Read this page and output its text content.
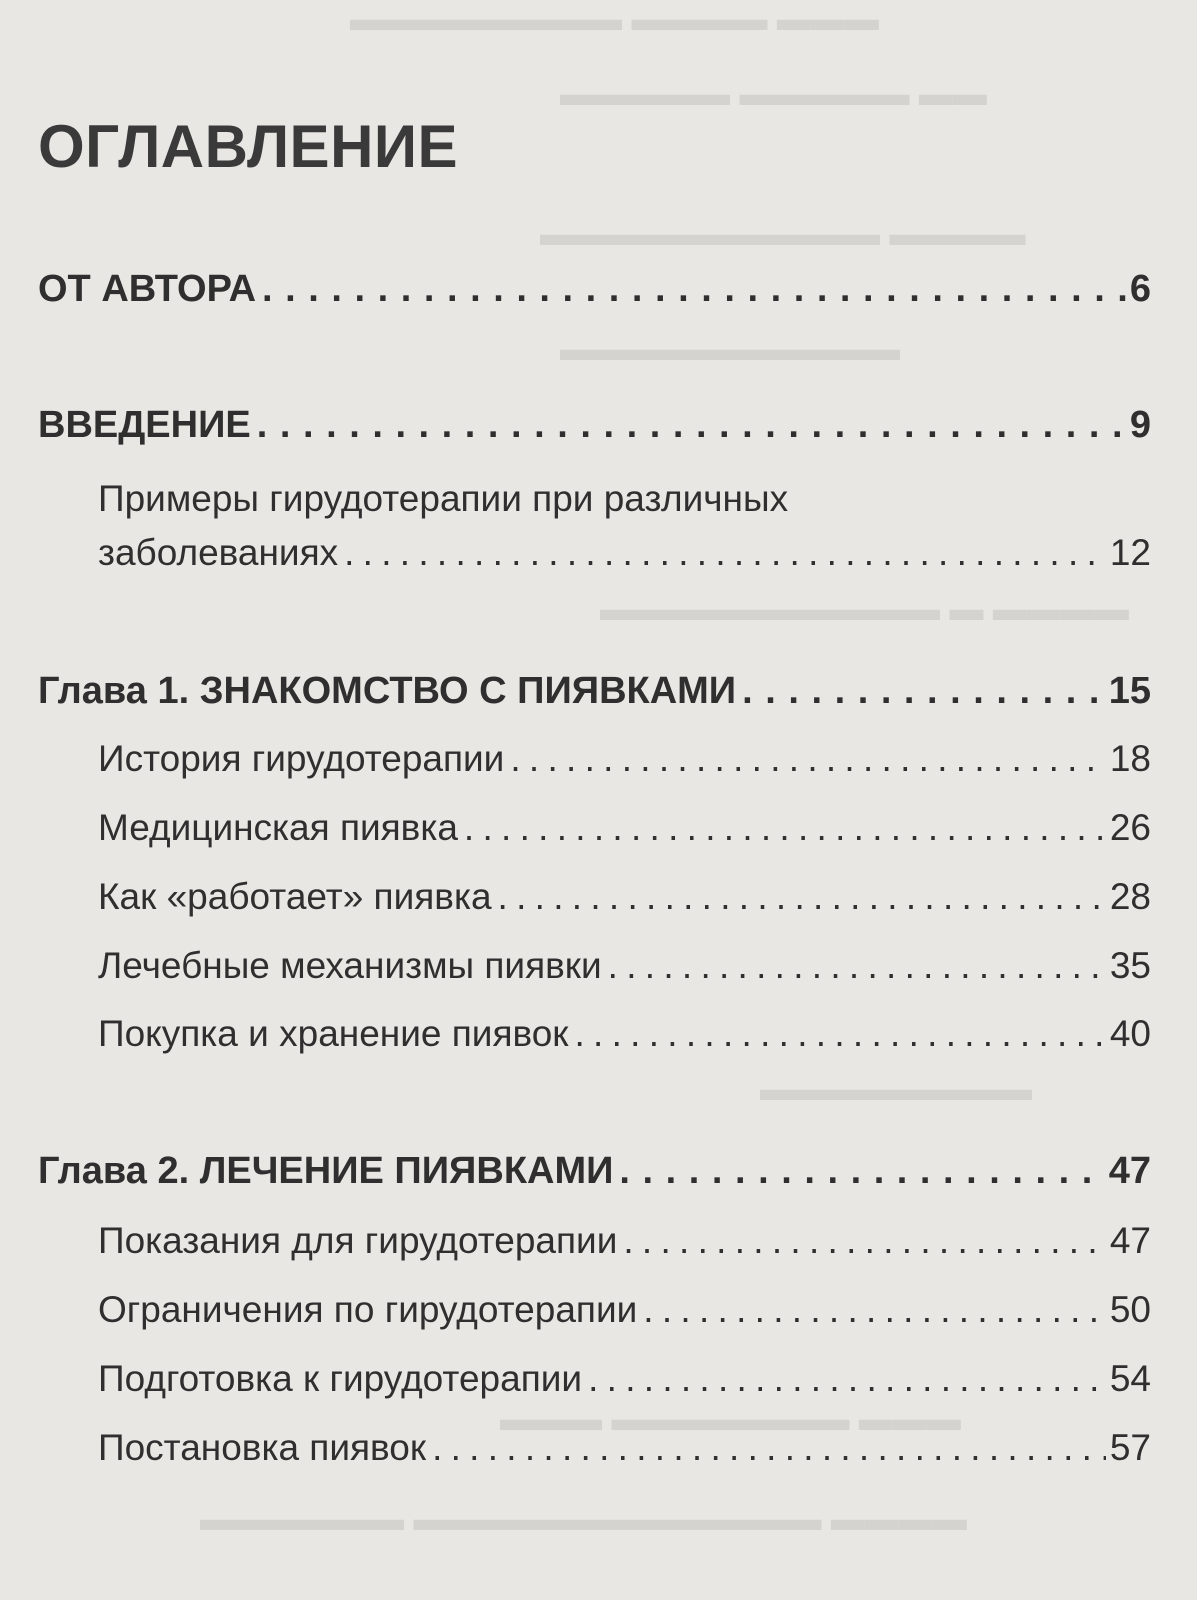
▬▬▬ ▬▬▬▬ ▬▬▬▬▬▬▬▬
▬▬ ▬▬▬▬▬ ▬▬▬▬▬
▬▬▬▬ ▬▬▬▬▬▬▬▬▬▬
▬▬▬▬▬▬▬▬▬▬
▬▬▬▬ ▬ ▬▬▬▬▬▬▬▬▬▬
▬▬▬▬▬▬▬▬
▬▬▬ ▬▬▬▬▬▬▬ ▬▬▬
▬▬▬▬ ▬▬▬▬▬▬▬▬▬▬▬▬ ▬▬▬▬▬▬
ОГЛАВЛЕНИЕ
ОТ АВТОРА . . .	6
ВВЕДЕНИЕ . . .	9
Примеры гирудотерапии при различных
заболеваниях . . .	12
Глава 1. ЗНАКОМСТВО С ПИЯВКАМИ . . .	15
История гирудотерапии . . .	18
Медицинская пиявка . . .	26
Как «работает» пиявка . . .	28
Лечебные механизмы пиявки . . .	35
Покупка и хранение пиявок . . .	40
Глава 2. ЛЕЧЕНИЕ ПИЯВКАМИ . . .	47
Показания для гирудотерапии . . .	47
Ограничения по гирудотерапии . . .	50
Подготовка к гирудотерапии . . .	54
Постановка пиявок . . .	57
